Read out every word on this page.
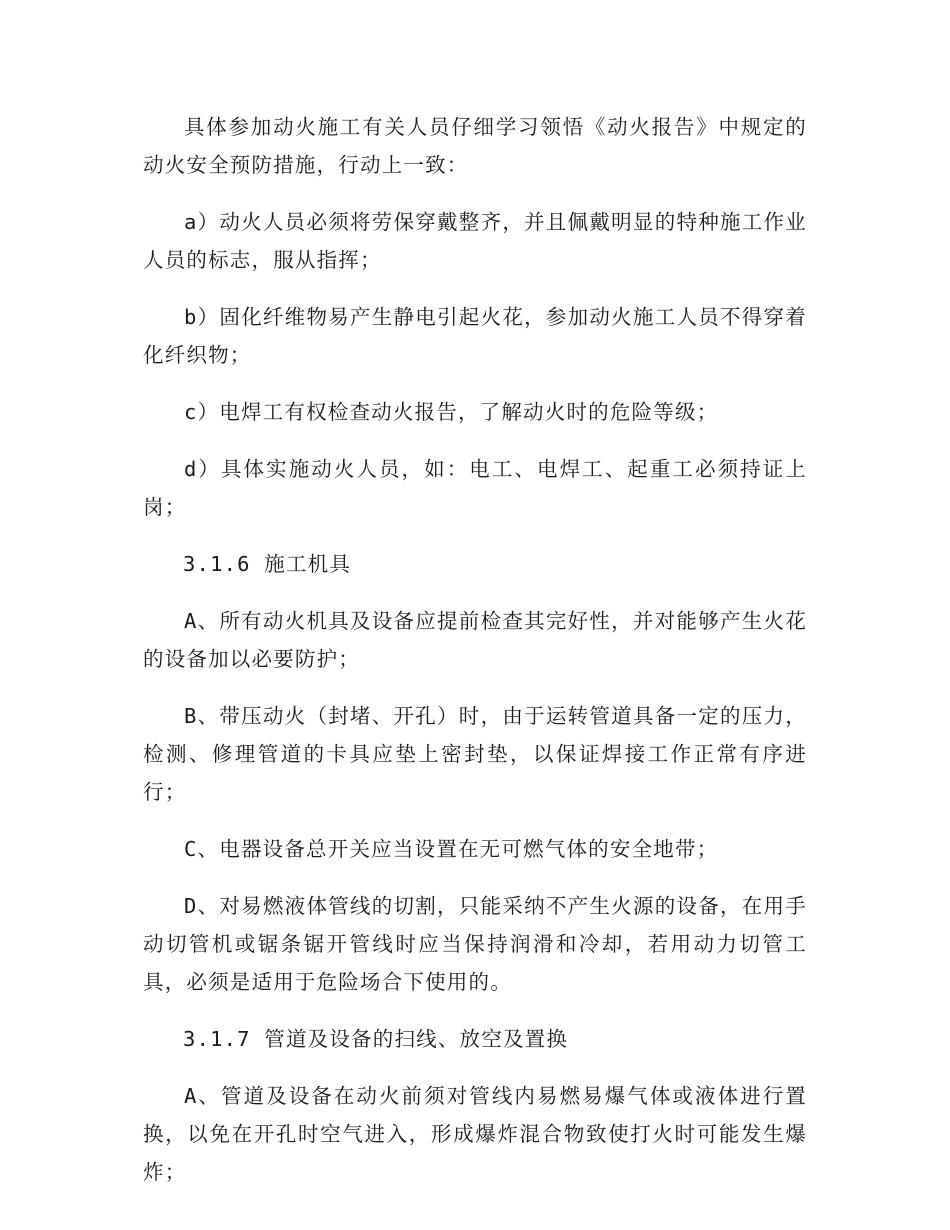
具体参加动火施工有关人员仔细学习领悟《动火报告》中规定的动火安全预防措施，行动上一致：

a）动火人员必须将劳保穿戴整齐，并且佩戴明显的特种施工作业人员的标志，服从指挥；

b）固化纤维物易产生静电引起火花，参加动火施工人员不得穿着化纤织物；

c）电焊工有权检查动火报告，了解动火时的危险等级；

d）具体实施动火人员，如：电工、电焊工、起重工必须持证上岗；

3.1.6 施工机具

A、所有动火机具及设备应提前检查其完好性，并对能够产生火花的设备加以必要防护；

B、带压动火（封堵、开孔）时，由于运转管道具备一定的压力，检测、修理管道的卡具应垫上密封垫，以保证焊接工作正常有序进行；

C、电器设备总开关应当设置在无可燃气体的安全地带；

D、对易燃液体管线的切割，只能采纳不产生火源的设备，在用手动切管机或锯条锯开管线时应当保持润滑和冷却，若用动力切管工具，必须是适用于危险场合下使用的。

3.1.7 管道及设备的扫线、放空及置换

A、管道及设备在动火前须对管线内易燃易爆气体或液体进行置换，以免在开孔时空气进入，形成爆炸混合物致使打火时可能发生爆炸；
